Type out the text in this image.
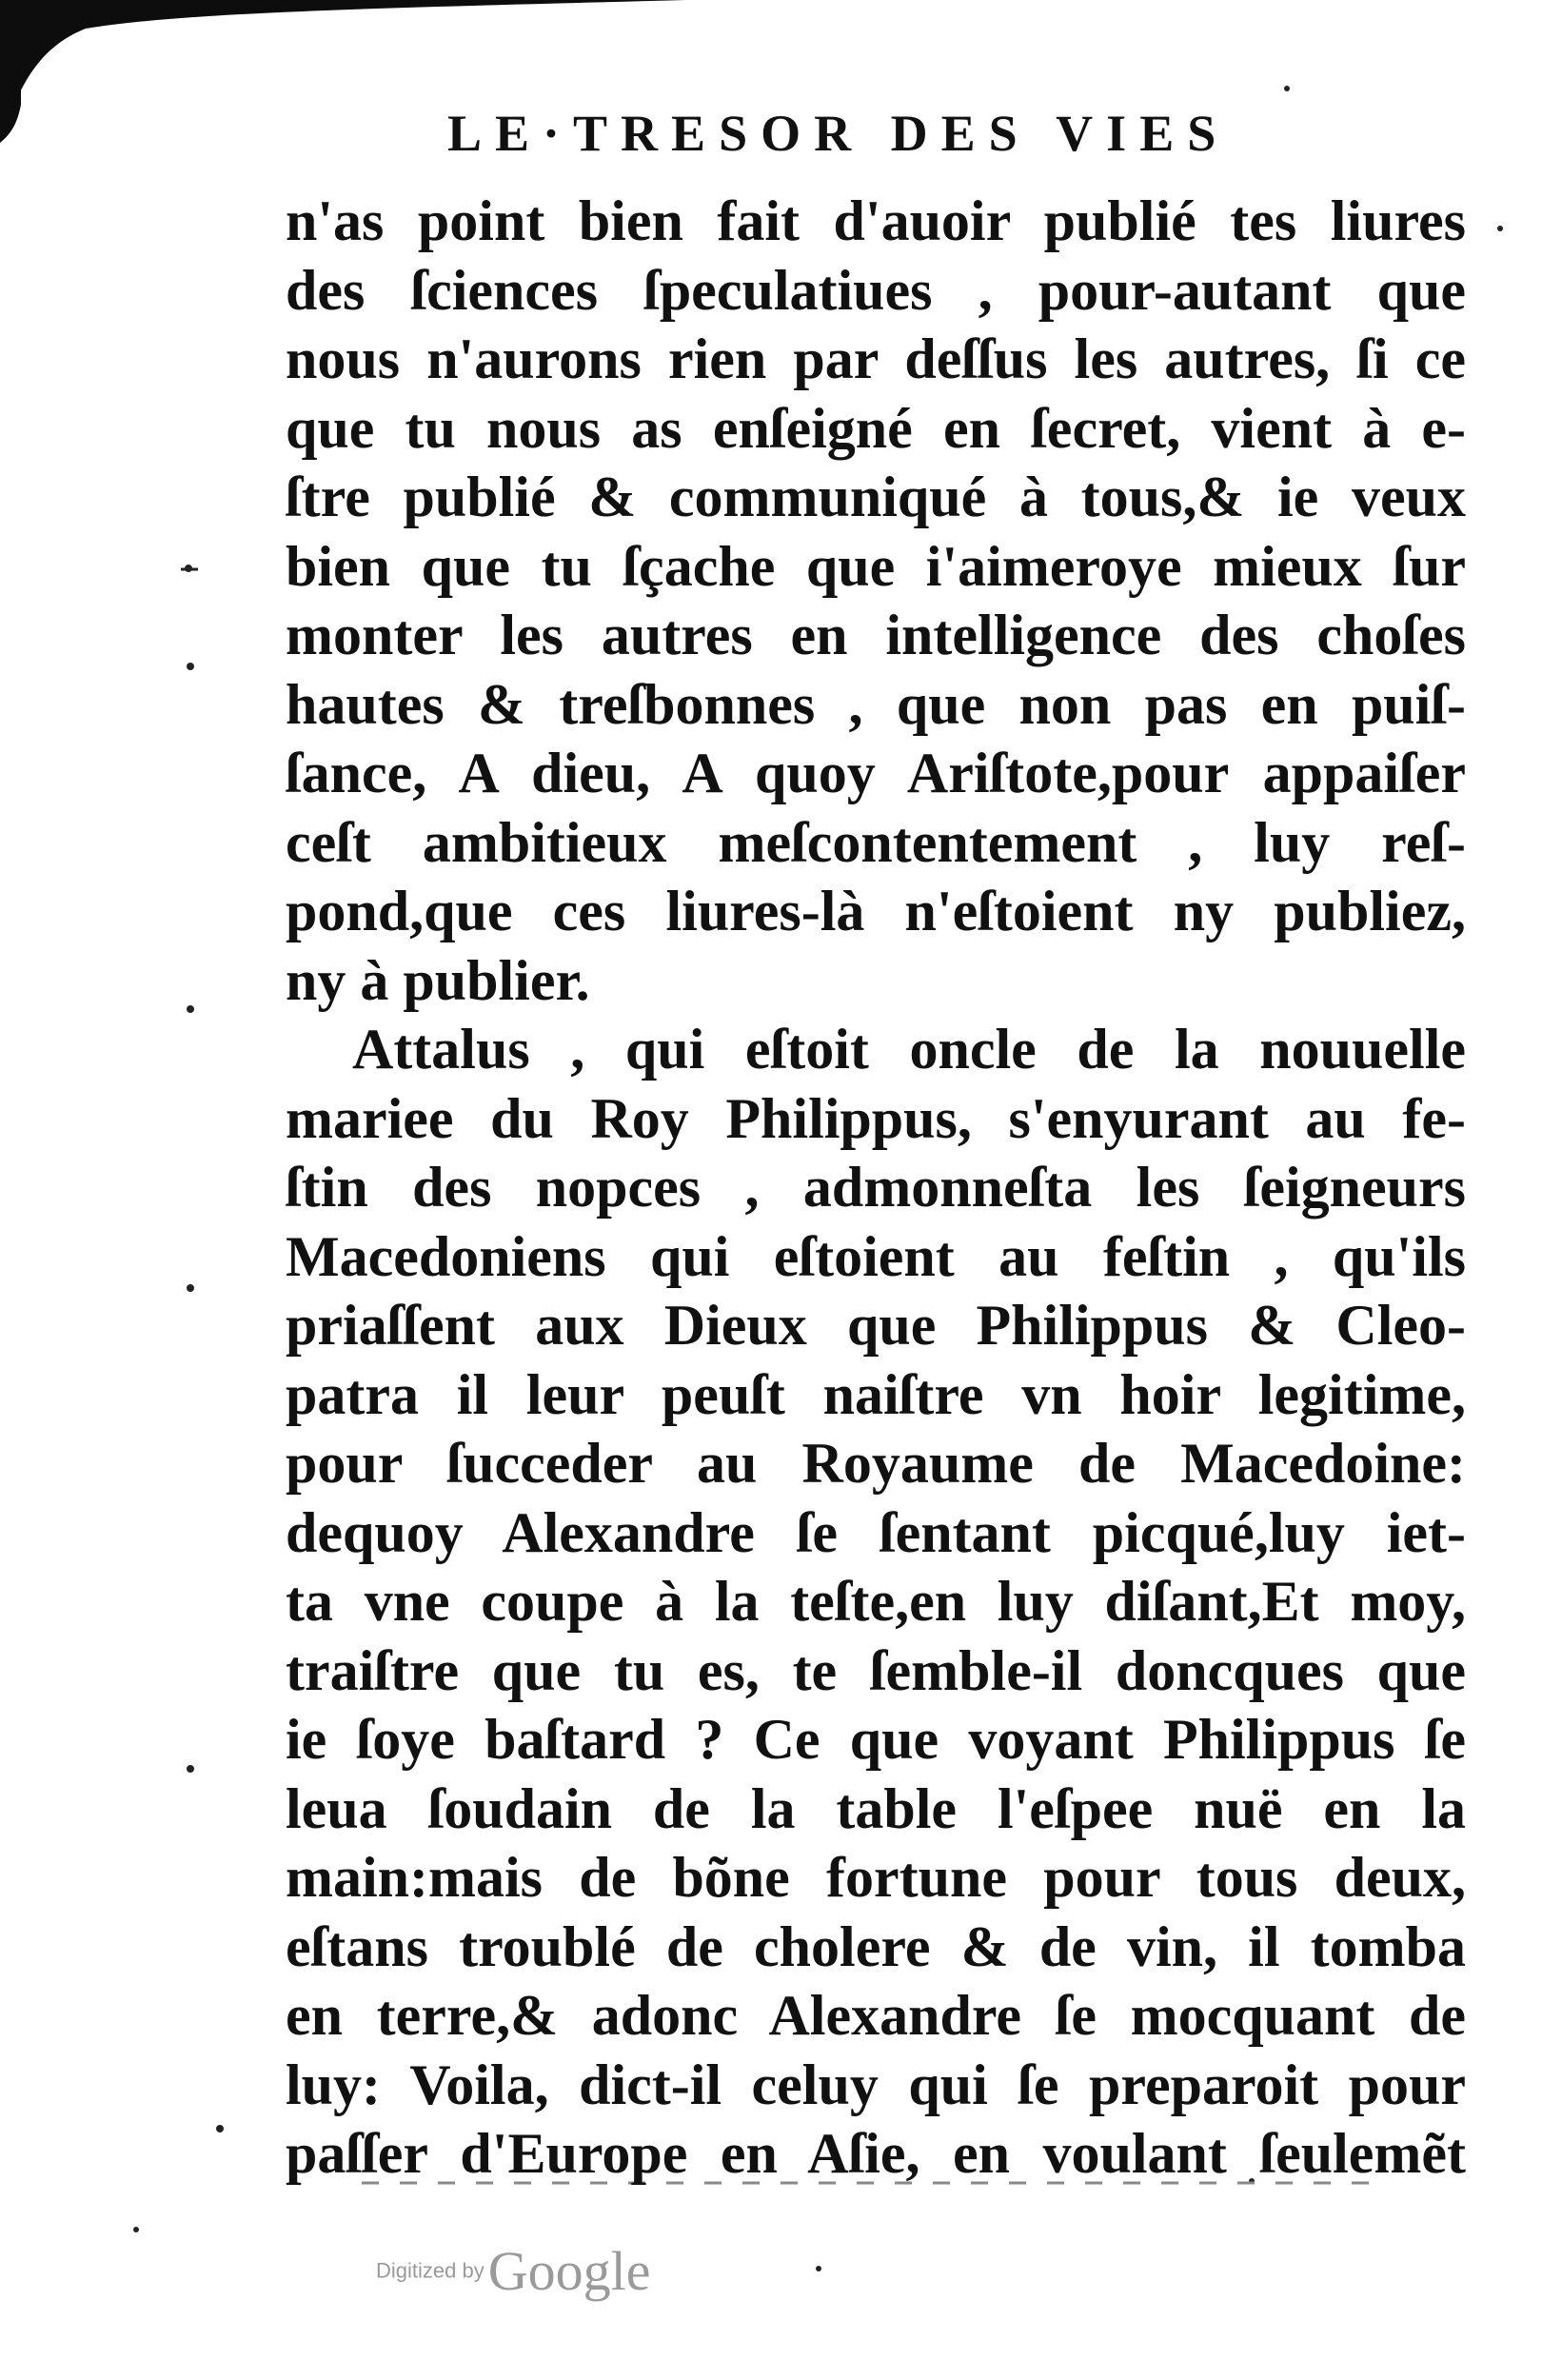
LE·TRESOR DES VIES
n'as point bien fait d'auoir publié tes liures
des ſciences ſpeculatiues , pour-autant que
nous n'aurons rien par deſſus les autres, ſi ce
que tu nous as enſeigné en ſecret, vient à e-
ſtre publié & communiqué à tous,& ie veux
bien que tu ſçache que i'aimeroye mieux ſur
monter les autres en intelligence des choſes
hautes & treſbonnes , que non pas en puiſ-
ſance, A dieu, A quoy Ariſtote,pour appaiſer
ceſt ambitieux meſcontentement , luy reſ-
pond,que ces liures-là n'eſtoient ny publiez,
ny à publier.
Attalus , qui eſtoit oncle de la nouuelle
mariee du Roy Philippus, s'enyurant au fe-
ſtin des nopces , admonneſta les ſeigneurs
Macedoniens qui eſtoient au feſtin , qu'ils
priaſſent aux Dieux que Philippus & Cleo-
patra il leur peuſt naiſtre vn hoir legitime,
pour ſucceder au Royaume de Macedoine:
dequoy Alexandre ſe ſentant picqué,luy iet-
ta vne coupe à la teſte,en luy diſant,Et moy,
traiſtre que tu es, te ſemble-il doncques que
ie ſoye baſtard ? Ce que voyant Philippus ſe
leua ſoudain de la table l'eſpee nuë en la
main:mais de bõne fortune pour tous deux,
eſtans troublé de cholere & de vin, il tomba
en terre,& adonc Alexandre ſe mocquant de
luy: Voila, dict-il celuy qui ſe preparoit pour
paſſer d'Europe en Aſie, en voulant ſeulemẽt
Digitized by Google
